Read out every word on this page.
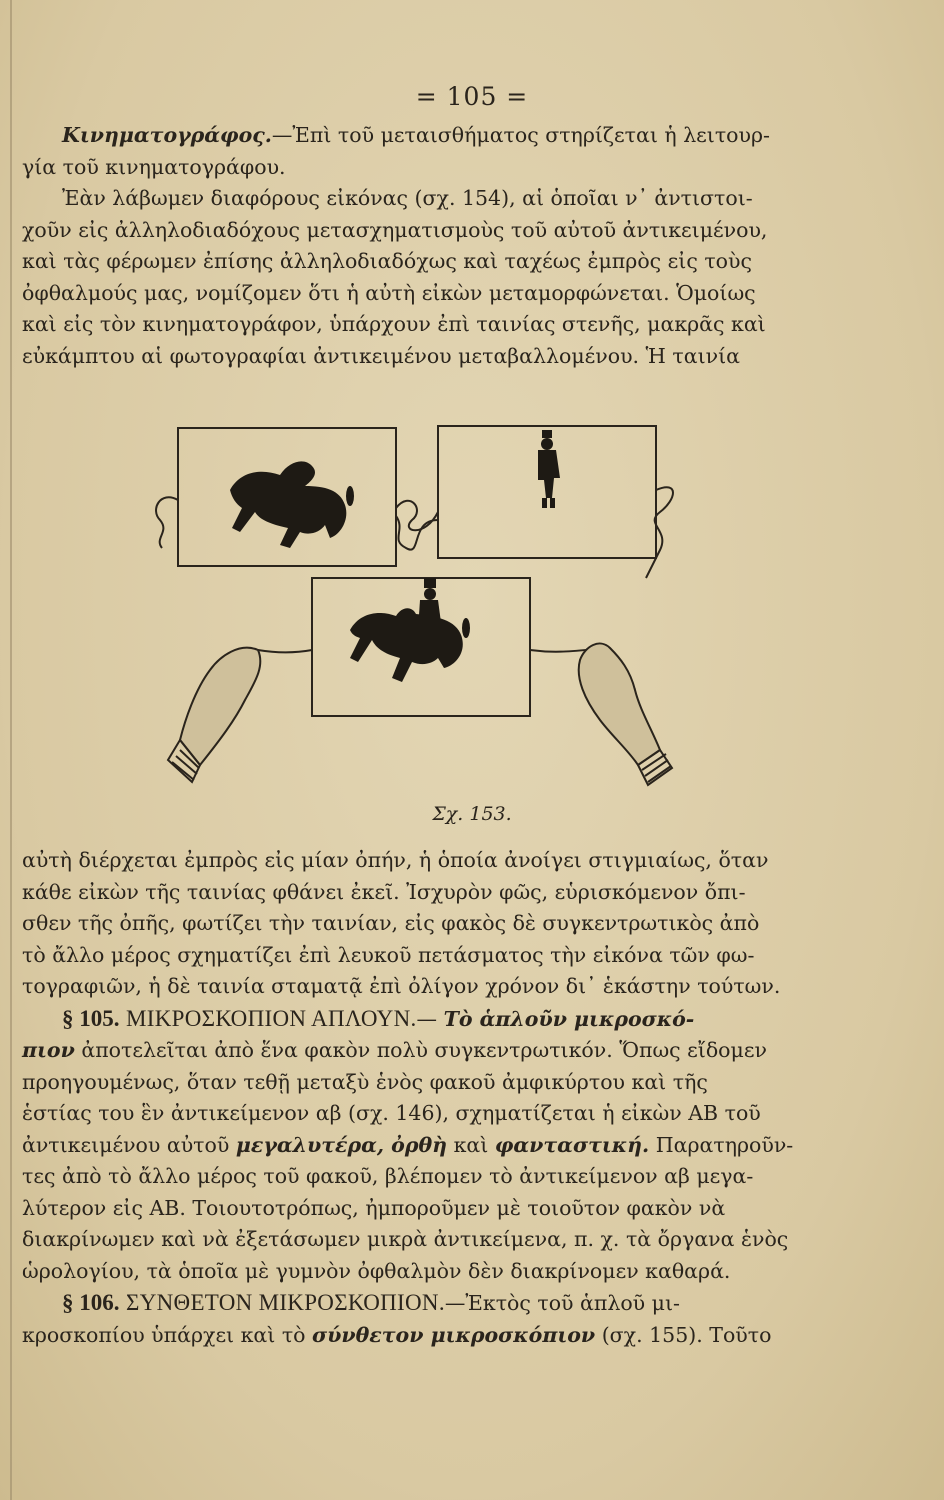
= 105 =

Κινηματογράφος.—Ἐπὶ τοῦ μεταισθήματος στηρίζεται ἡ λειτουρ-

γία τοῦ κινηματογράφου.

Ἐὰν λάβωμεν διαφόρους εἰκόνας (σχ. 154), αἱ ὁποῖαι ν᾽ ἀντιστοι-

χοῦν εἰς ἀλληλοδιαδόχους μετασχηματισμοὺς τοῦ αὐτοῦ ἀντικειμένου,

καὶ τὰς φέρωμεν ἐπίσης ἀλληλοδιαδόχως καὶ ταχέως ἐμπρὸς εἰς τοὺς

ὀφθαλμούς μας, νομίζομεν ὅτι ἡ αὐτὴ εἰκὼν μεταμορφώνεται. Ὁμοίως

καὶ εἰς τὸν κινηματογράφον, ὑπάρχουν ἐπὶ ταινίας στενῆς, μακρᾶς καὶ

εὐκάμπτου αἱ φωτογραφίαι ἀντικειμένου μεταβαλλομένου. Ἡ ταινία

Σχ. 153.

αὐτὴ διέρχεται ἐμπρὸς εἰς μίαν ὀπήν, ἡ ὁποία ἀνοίγει στιγμιαίως, ὅταν

κάθε εἰκὼν τῆς ταινίας φθάνει ἐκεῖ. Ἰσχυρὸν φῶς, εὑρισκόμενον ὄπι-

σθεν τῆς ὀπῆς, φωτίζει τὴν ταινίαν, εἰς φακὸς δὲ συγκεντρωτικὸς ἀπὸ

τὸ ἄλλο μέρος σχηματίζει ἐπὶ λευκοῦ πετάσματος τὴν εἰκόνα τῶν φω-

τογραφιῶν, ἡ δὲ ταινία σταματᾷ ἐπὶ ὀλίγον χρόνον δι᾽ ἑκάστην τούτων.

§ 105. ΜΙΚΡΟΣΚΟΠΙΟΝ ΑΠΛΟΥΝ.— Τὸ ἁπλοῦν μικροσκό-

πιον ἀποτελεῖται ἀπὸ ἕνα φακὸν πολὺ συγκεντρωτικόν. Ὅπως εἴδομεν

προηγουμένως, ὅταν τεθῇ μεταξὺ ἑνὸς φακοῦ ἀμφικύρτου καὶ τῆς

ἑστίας του ἓν ἀντικείμενον αβ (σχ. 146), σχηματίζεται ἡ εἰκὼν ΑΒ τοῦ

ἀντικειμένου αὐτοῦ μεγαλυτέρα, ὀρθὴ καὶ φανταστική. Παρατηροῦν-

τες ἀπὸ τὸ ἄλλο μέρος τοῦ φακοῦ, βλέπομεν τὸ ἀντικείμενον αβ μεγα-

λύτερον εἰς ΑΒ. Τοιουτοτρόπως, ἠμποροῦμεν μὲ τοιοῦτον φακὸν νὰ

διακρίνωμεν καὶ νὰ ἐξετάσωμεν μικρὰ ἀντικείμενα, π. χ. τὰ ὄργανα ἑνὸς

ὡρολογίου, τὰ ὁποῖα μὲ γυμνὸν ὀφθαλμὸν δὲν διακρίνομεν καθαρά.

§ 106. ΣΥΝΘΕΤΟΝ ΜΙΚΡΟΣΚΟΠΙΟΝ.—Ἐκτὸς τοῦ ἁπλοῦ μι-

κροσκοπίου ὑπάρχει καὶ τὸ σύνθετον μικροσκόπιον (σχ. 155). Τοῦτο
